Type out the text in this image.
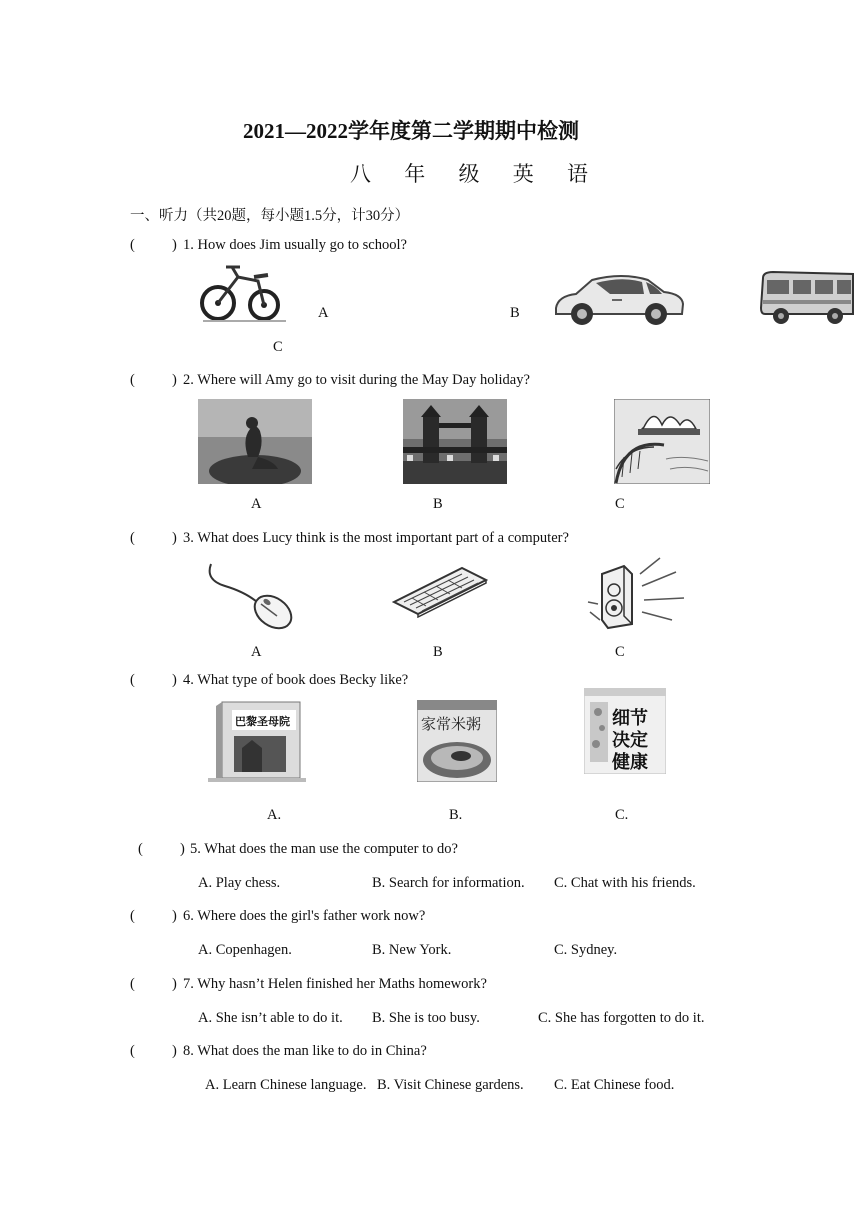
2021—2022学年度第二学期期中检测
八 年 级 英 语
一、听力（共20题，每小题1.5分，计30分）
(	) 1. How does Jim usually go to school?
A	B
C
(	) 2. Where will Amy go to visit during the May Day holiday?
A	B	C
(	) 3. What does Lucy think is the most important part of a computer?
A	B	C
(	) 4. What type of book does Becky like?
巴黎圣母院	家常米粥	细节
决定
健康
A.	B.	C.
(	) 5. What does the man use the computer to do?
A. Play chess.	B. Search for information. C. Chat with his friends.
(	) 6. Where does the girl's father work now?
A. Copenhagen.	B. New York.	C. Sydney.
(	) 7. Why hasn’t Helen finished her Maths homework?
A. She isn’t able to do it. B. She is too busy.	C. She has forgotten to do it.
(	) 8. What does the man like to do in China?
A. Learn Chinese language. B. Visit Chinese gardens. C. Eat Chinese food.
